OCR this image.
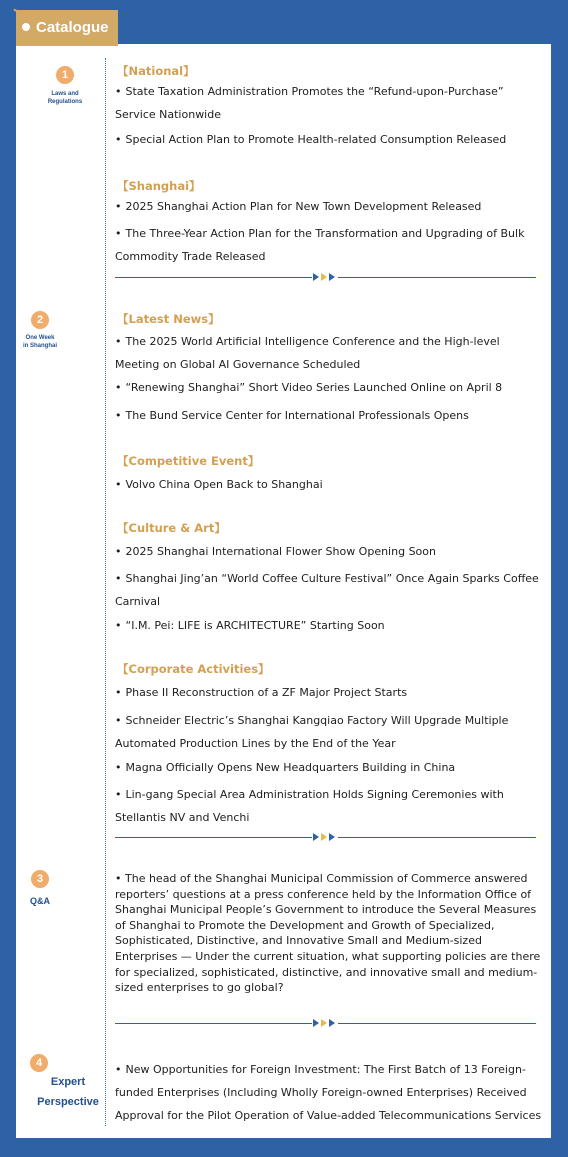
Catalogue
1
Laws and
Regulations
【National】
• State Taxation Administration Promotes the “Refund-upon-Purchase” Service Nationwide
• Special Action Plan to Promote Health-related Consumption Released
【Shanghai】
• 2025 Shanghai Action Plan for New Town Development Released
• The Three-Year Action Plan for the Transformation and Upgrading of Bulk Commodity Trade Released
2
One Week
in Shanghai
【Latest News】
• The 2025 World Artificial Intelligence Conference and the High-level Meeting on Global AI Governance Scheduled
• “Renewing Shanghai” Short Video Series Launched Online on April 8
• The Bund Service Center for International Professionals Opens
【Competitive Event】
• Volvo China Open Back to Shanghai
【Culture & Art】
• 2025 Shanghai International Flower Show Opening Soon
• Shanghai Jing’an “World Coffee Culture Festival” Once Again Sparks Coffee Carnival
• “I.M. Pei: LIFE is ARCHITECTURE” Starting Soon
【Corporate Activities】
• Phase II Reconstruction of a ZF Major Project Starts
• Schneider Electric’s Shanghai Kangqiao Factory Will Upgrade Multiple Automated Production Lines by the End of the Year
• Magna Officially Opens New Headquarters Building in China
• Lin-gang Special Area Administration Holds Signing Ceremonies with Stellantis NV and Venchi
3
Q&A
• The head of the Shanghai Municipal Commission of Commerce answered reporters’ questions at a press conference held by the Information Office of Shanghai Municipal People’s Government to introduce the Several Measures of Shanghai to Promote the Development and Growth of Specialized, Sophisticated, Distinctive, and Innovative Small and Medium-sized Enterprises — Under the current situation, what supporting policies are there for specialized, sophisticated, distinctive, and innovative small and medium-sized enterprises to go global?
4
Expert
Perspective
• New Opportunities for Foreign Investment: The First Batch of 13 Foreign-funded Enterprises (Including Wholly Foreign-owned Enterprises) Received Approval for the Pilot Operation of Value-added Telecommunications Services
